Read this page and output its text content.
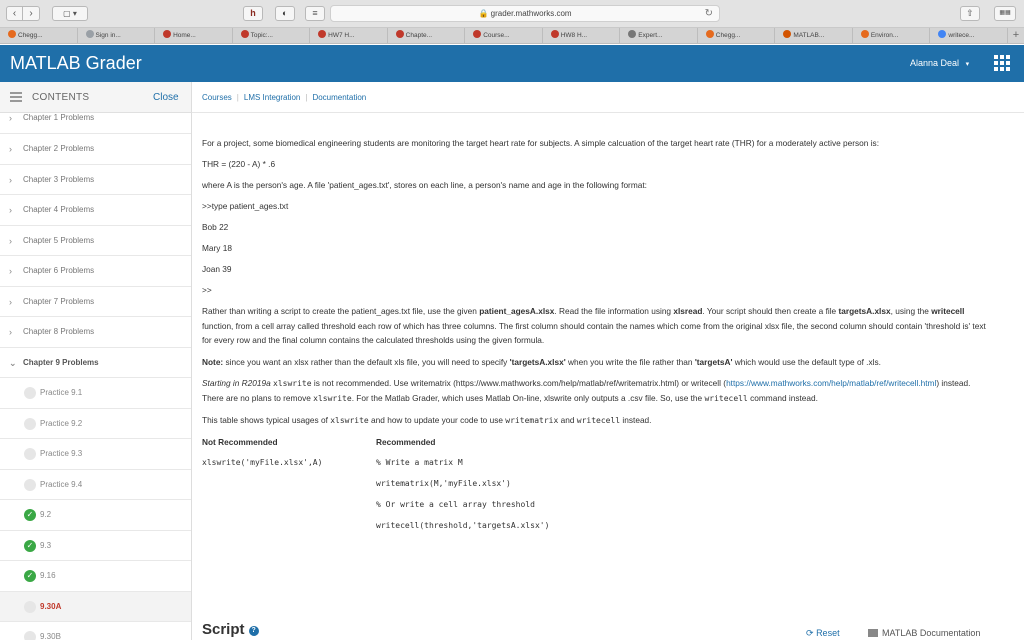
‹	›	▢ ▾	h	◐	≡	🔒 grader.mathworks.com	↻	⇧	▦▦
Chegg...	Sign in...	Home...	Topic:...	HW7 H...	Chapte...	Course...	HW8 H...	Expert...	Chegg...	MATLAB...	Environ...	writece...	+
MATLAB Grader	Alanna Deal ▾
CONTENTS	Close
› Chapter 1 Problems
› Chapter 2 Problems
› Chapter 3 Problems
› Chapter 4 Problems
› Chapter 5 Problems
› Chapter 6 Problems
› Chapter 7 Problems
› Chapter 8 Problems
⌄ Chapter 9 Problems
Practice 9.1
Practice 9.2
Practice 9.3
Practice 9.4
✓ 9.2
✓ 9.3
✓ 9.16
9.30A
9.30B
Courses | LMS Integration | Documentation

For a project, some biomedical engineering students are monitoring the target heart rate for subjects. A simple calcuation of the target heart rate (THR) for a moderately active person is:

THR = (220 - A) * .6

where A is the person's age. A file 'patient_ages.txt', stores on each line, a person's name and age in the following format:

>>type patient_ages.txt

Bob 22

Mary 18

Joan 39

>>

Rather than writing a script to create the patient_ages.txt file, use the given patient_agesA.xlsx. Read the file information using xlsread. Your script should then create a file targetsA.xlsx, using the writecell function, from a cell array called threshold each row of which has three columns. The first column should contain the names which come from the original xlsx file, the second column should contain 'threshold is' text for every row and the final column contains the calculated thresholds using the given formula.

Note: since you want an xlsx rather than the default xls file, you will need to specify 'targetsA.xlsx' when you write the file rather than 'targetsA' which would use the default type of .xls.

Starting in R2019a xlswrite is not recommended. Use writematrix (https://www.mathworks.com/help/matlab/ref/writematrix.html) or writecell (https://www.mathworks.com/help/matlab/ref/writecell.html) instead. There are no plans to remove xlswrite. For the Matlab Grader, which uses Matlab On-line, xlswrite only outputs a .csv file. So, use the writecell command instead.

This table shows typical usages of xlswrite and how to update your code to use writematrix and writecell instead.

Not Recommended	Recommended
xlswrite('myFile.xlsx',A)	% Write a matrix M
writematrix(M,'myFile.xlsx')
% Or write a cell array threshold
writecell(threshold,'targetsA.xlsx')
Script ?	⟳ Reset	MATLAB Documentation
